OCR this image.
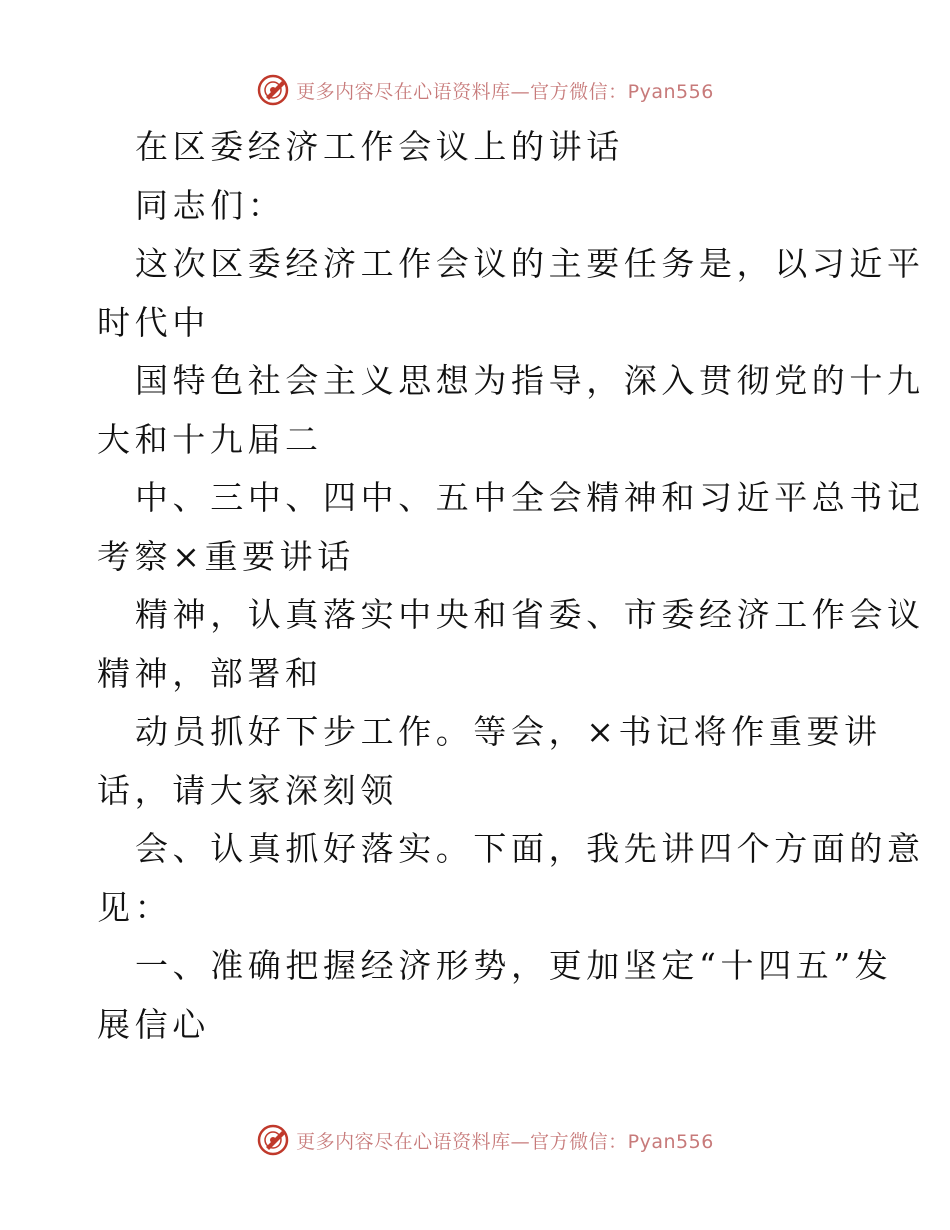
更多内容尽在心语资料库—官方微信：Pyan556
在区委经济工作会议上的讲话
同志们：
这次区委经济工作会议的主要任务是，以习近平
时代中
国特色社会主义思想为指导，深入贯彻党的十九
大和十九届二
中、三中、四中、五中全会精神和习近平总书记
考察×重要讲话
精神，认真落实中央和省委、市委经济工作会议
精神，部署和
动员抓好下步工作。等会，×书记将作重要讲
话，请大家深刻领
会、认真抓好落实。下面，我先讲四个方面的意
见：
一、准确把握经济形势，更加坚定“十四五”发
展信心
更多内容尽在心语资料库—官方微信：Pyan556
